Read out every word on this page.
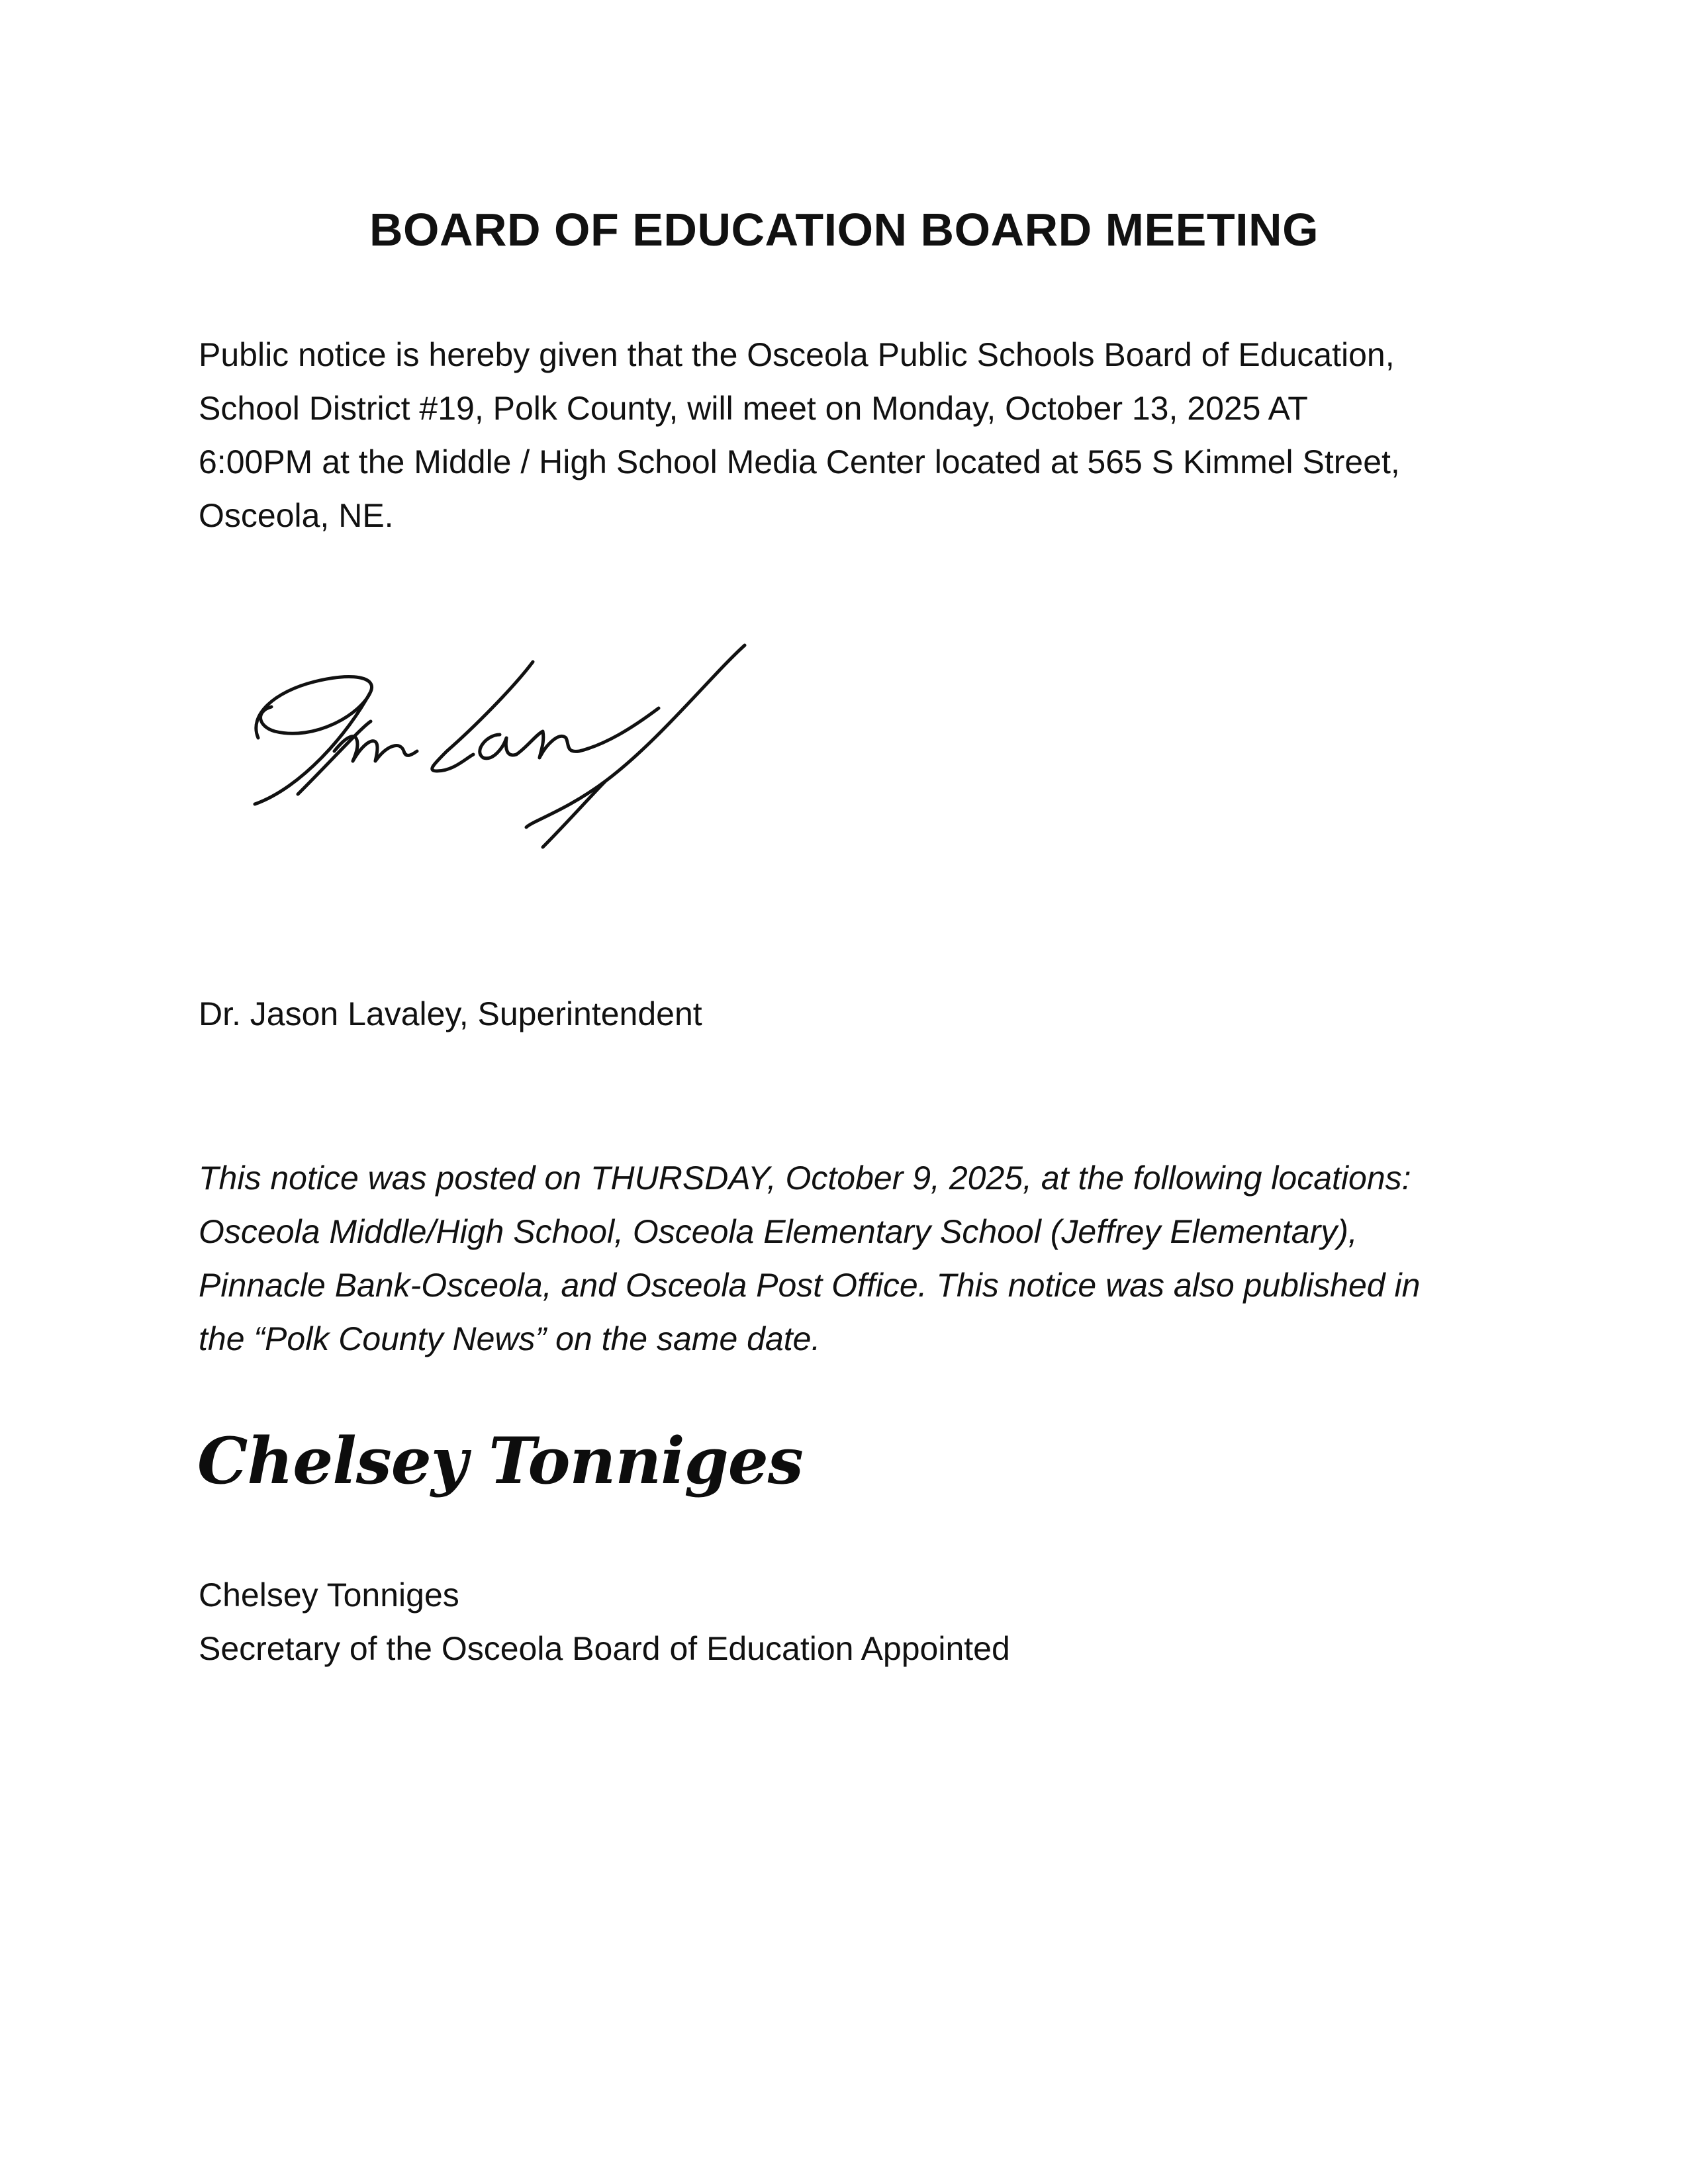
BOARD OF EDUCATION BOARD MEETING
Public notice is hereby given that the Osceola Public Schools Board of Education,
School District #19, Polk County, will meet on Monday, October 13, 2025 AT
6:00PM at the Middle / High School Media Center located at 565 S Kimmel Street,
Osceola, NE.
Dr. Jason Lavaley, Superintendent
This notice was posted on THURSDAY, October 9, 2025, at the following locations:
Osceola Middle/High School, Osceola Elementary School (Jeffrey Elementary),
Pinnacle Bank-Osceola, and Osceola Post Office. This notice was also published in
the “Polk County News” on the same date.
Chelsey Tonniges
Chelsey Tonniges
Secretary of the Osceola Board of Education Appointed
